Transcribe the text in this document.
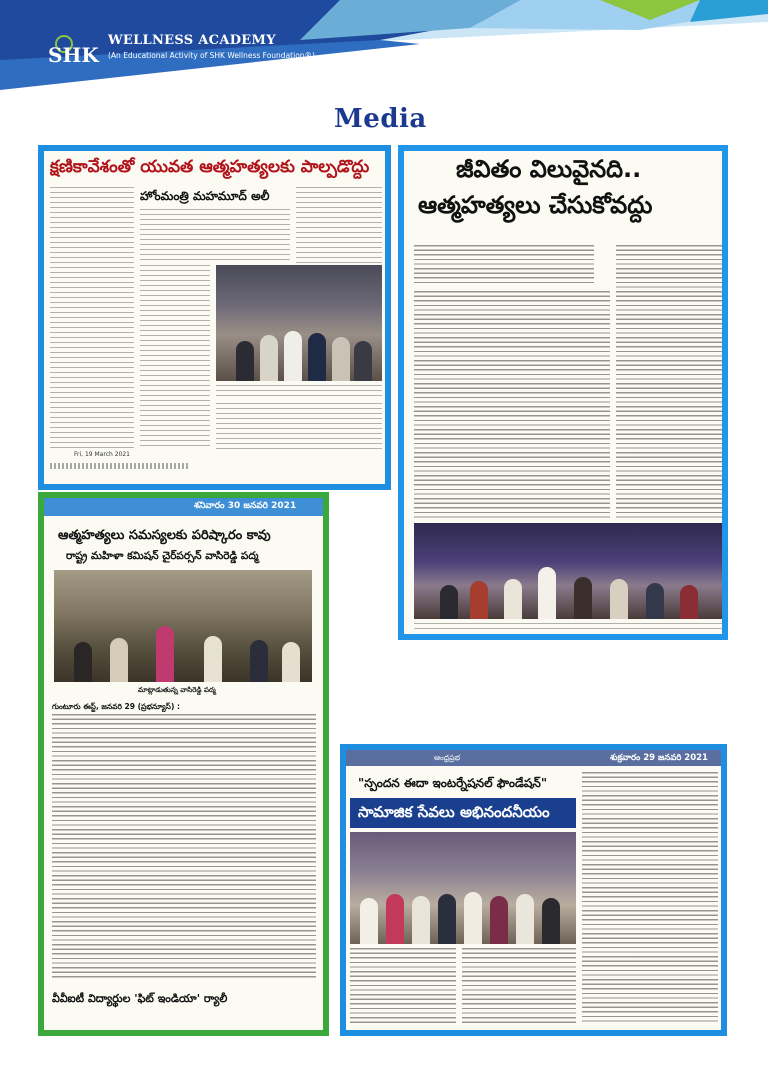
SHK
WELLNESS ACADEMY
(An Educational Activity of SHK Wellness Foundation®)
Media
క్షణికావేశంతో యువత ఆత్మహత్యలకు పాల్పడొద్దు
హోంమంత్రి మహమూద్ అలీ
Fri, 19 March 2021
జీవితం విలువైనది..
ఆత్మహత్యలు చేసుకోవద్దు
శనివారం 30 జనవరి 2021
ఆత్మహత్యలు సమస్యలకు పరిష్కారం కావు
రాష్ట్ర మహిళా కమిషన్ చైర్‌పర్సన్ వాసిరెడ్డి పద్మ
మాట్లాడుతున్న వాసిరెడ్డి పద్మ
గుంటూరు ఈస్ట్, జనవరి 29 (ప్రభన్యూస్) :
వీవీఐటీ విద్యార్థుల 'ఫిట్ ఇండియా' ర్యాలీ
ఆంధ్రప్రభ	శుక్రవారం 29 జనవరి 2021
"స్పందన ఈదా ఇంటర్నేషనల్ ఫౌండేషన్"
సామాజిక సేవలు అభినందనీయం
